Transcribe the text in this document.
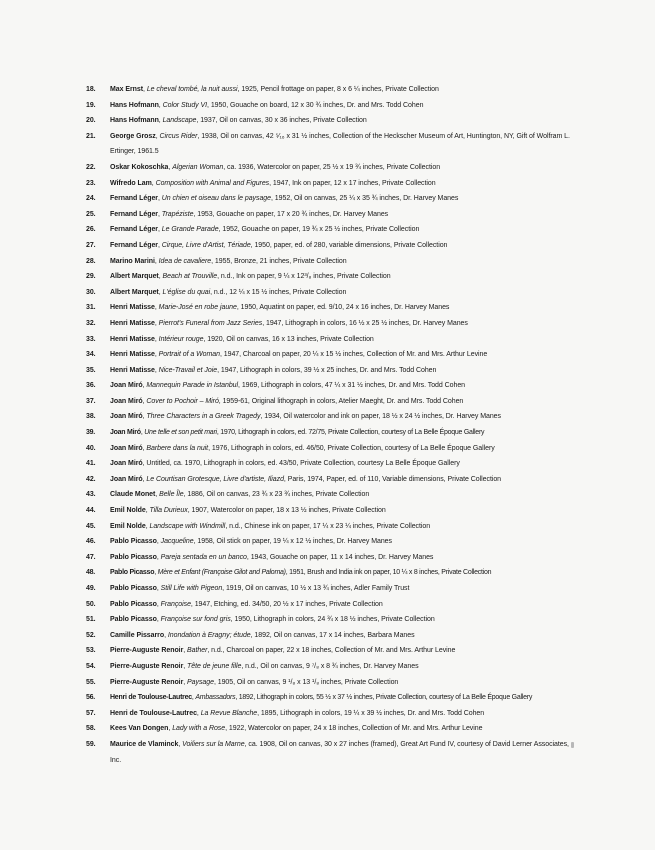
18.	Max Ernst, Le cheval tombé, la nuit aussi, 1925, Pencil frottage on paper, 8 x 6 ¼ inches, Private Collection
19.	Hans Hofmann, Color Study VI, 1950, Gouache on board, 12 x 30 ¾ inches, Dr. and Mrs. Todd Cohen
20.	Hans Hofmann, Landscape, 1937, Oil on canvas, 30 x 36 inches, Private Collection
21.	George Grosz, Circus Rider, 1938, Oil on canvas, 42 ⁵⁄₁₆ x 31 ½ inches, Collection of the Heckscher Museum of Art, Huntington, NY, Gift of Wolfram L. Ertinger, 1961.5
22.	Oskar Kokoschka, Algerian Woman, ca. 1936, Watercolor on paper, 25 ½ x 19 ¾ inches, Private Collection
23.	Wifredo Lam, Composition with Animal and Figures, 1947, Ink on paper, 12 x 17 inches, Private Collection
24.	Fernand Léger, Un chien et oiseau dans le paysage, 1952, Oil on canvas, 25 ¼ x 35 ¾ inches, Dr. Harvey Manes
25.	Fernand Léger, Trapéziste, 1953, Gouache on paper, 17 x 20 ¾ inches, Dr. Harvey Manes
26.	Fernand Léger, Le Grande Parade, 1952, Gouache on paper, 19 ¾ x 25 ½ inches, Private Collection
27.	Fernand Léger, Cirque, Livre d'Artist, Tériade, 1950, paper, ed. of 280, variable dimensions, Private Collection
28.	Marino Marini, Idea de cavaliere, 1955, Bronze, 21 inches, Private Collection
29.	Albert Marquet, Beach at Trouville, n.d., Ink on paper, 9 ¼ x 12³/₈ inches, Private Collection
30.	Albert Marquet, L'église du quai, n.d., 12 ¼ x 15 ½ inches, Private Collection
31.	Henri Matisse, Marie-José en robe jaune, 1950, Aquatint on paper, ed. 9/10, 24 x 16 inches, Dr. Harvey Manes
32.	Henri Matisse, Pierrot's Funeral from Jazz Series, 1947, Lithograph in colors, 16 ½ x 25 ½ inches, Dr. Harvey Manes
33.	Henri Matisse, Intérieur rouge, 1920, Oil on canvas, 16 x 13 inches, Private Collection
34.	Henri Matisse, Portrait of a Woman, 1947, Charcoal on paper, 20 ¼ x 15 ½ inches, Collection of Mr. and Mrs. Arthur Levine
35.	Henri Matisse, Nice-Travail et Joie, 1947, Lithograph in colors, 39 ½ x 25 inches, Dr. and Mrs. Todd Cohen
36.	Joan Miró, Mannequin Parade in Istanbul, 1969, Lithograph in colors, 47 ¼ x 31 ½ inches, Dr. and Mrs. Todd Cohen
37.	Joan Miró, Cover to Pochoir – Miró, 1959-61, Original lithograph in colors, Atelier Maeght, Dr. and Mrs. Todd Cohen
38.	Joan Miró, Three Characters in a Greek Tragedy, 1934, Oil watercolor and ink on paper, 18 ½ x 24 ½ inches, Dr. Harvey Manes
39.	Joan Miró, Une telle et son petit mari, 1970, Lithograph in colors, ed. 72/75, Private Collection, courtesy of La Belle Époque Gallery
40.	Joan Miró, Barbere dans la nuit, 1976, Lithograph in colors, ed. 46/50, Private Collection, courtesy of La Belle Époque Gallery
41.	Joan Miró, Untitled, ca. 1970, Lithograph in colors, ed. 43/50, Private Collection, courtesy La Belle Époque Gallery
42.	Joan Miró, Le Courtisan Grotesque, Livre d'artiste, Iliazd, Paris, 1974, Paper, ed. of 110, Variable dimensions, Private Collection
43.	Claude Monet, Belle Île, 1886, Oil on canvas, 23 ¾ x 23 ¾ inches, Private Collection
44.	Emil Nolde, Tilla Durieux, 1907, Watercolor on paper, 18 x 13 ½ inches, Private Collection
45.	Emil Nolde, Landscape with Windmill, n.d., Chinese ink on paper, 17 ¼ x 23 ¼ inches, Private Collection
46.	Pablo Picasso, Jacqueline, 1958, Oil stick on paper, 19 ¼ x 12 ½ inches, Dr. Harvey Manes
47.	Pablo Picasso, Pareja sentada en un banco, 1943, Gouache on paper, 11 x 14 inches, Dr. Harvey Manes
48.	Pablo Picasso, Mère et Enfant (Françoise Gilot and Paloma), 1951, Brush and India ink on paper, 10 ¼ x 8 inches, Private Collection
49.	Pablo Picasso, Still Life with Pigeon, 1919, Oil on canvas, 10 ½ x 13 ¾ inches, Adler Family Trust
50.	Pablo Picasso, Françoise, 1947, Etching, ed. 34/50, 20 ½ x 17 inches, Private Collection
51.	Pablo Picasso, Françoise sur fond gris, 1950, Lithograph in colors, 24 ¾ x 18 ½ inches, Private Collection
52.	Camille Pissarro, Inondation à Eragny; étude, 1892, Oil on canvas, 17 x 14 inches, Barbara Manes
53.	Pierre-Auguste Renoir, Bather, n.d., Charcoal on paper, 22 x 18 inches, Collection of Mr. and Mrs. Arthur Levine
54.	Pierre-Auguste Renoir, Tête de jeune fille, n.d., Oil on canvas, 9 ⁷/₈ x 8 ¾ inches, Dr. Harvey Manes
55.	Pierre-Auguste Renoir, Paysage, 1905, Oil on canvas, 9 ¹/₈ x 13 ¹/₈ inches, Private Collection
56.	Henri de Toulouse-Lautrec, Ambassadors, 1892, Lithograph in colors, 55 ½ x 37 ½ inches, Private Collection, courtesy of La Belle Époque Gallery
57.	Henri de Toulouse-Lautrec, La Revue Blanche, 1895, Lithograph in colors, 19 ¼ x 39 ½ inches, Dr. and Mrs. Todd Cohen
58.	Kees Van Dongen, Lady with a Rose, 1922, Watercolor on paper, 24 x 18 inches, Collection of Mr. and Mrs. Arthur Levine
59.	Maurice de Vlaminck, Voiliers sur la Marne, ca. 1908, Oil on canvas, 30 x 27 inches (framed), Great Art Fund IV, courtesy of David Lerner Associates, Inc.
